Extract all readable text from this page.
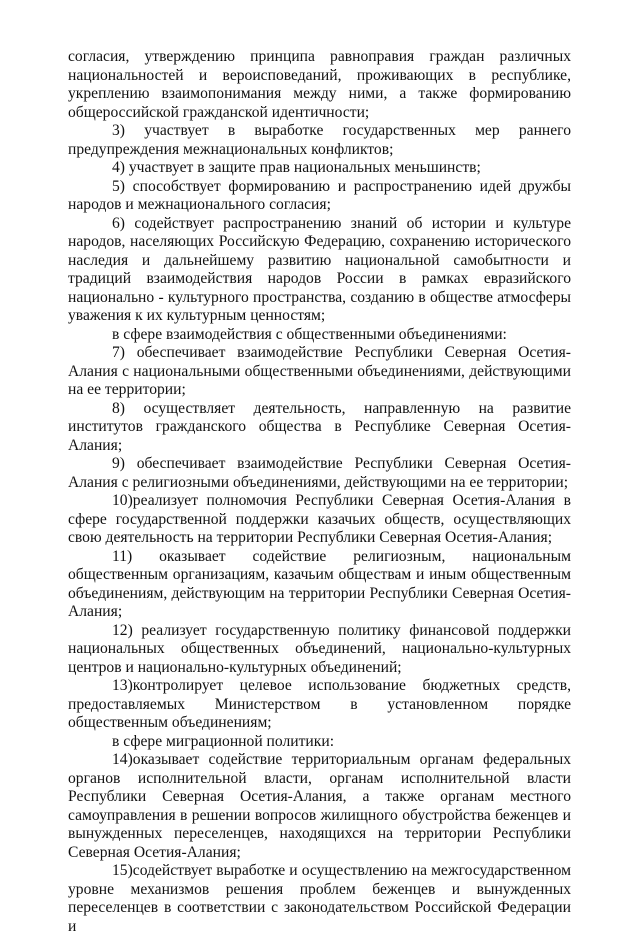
согласия, утверждению принципа равноправия граждан различных национальностей и вероисповеданий, проживающих в республике, укреплению взаимопонимания между ними, а также формированию общероссийской гражданской идентичности;

3) участвует в выработке государственных мер раннего предупреждения межнациональных конфликтов;

4) участвует в защите прав национальных меньшинств;

5) способствует формированию и распространению идей дружбы народов и межнационального согласия;

6) содействует распространению знаний об истории и культуре народов, населяющих Российскую Федерацию, сохранению исторического наследия и дальнейшему развитию национальной самобытности и традиций взаимодействия народов России в рамках евразийского национально - культурного пространства, созданию в обществе атмосферы уважения к их культурным ценностям;

в сфере взаимодействия с общественными объединениями:

7) обеспечивает взаимодействие Республики Северная Осетия-Алания с национальными общественными объединениями, действующими на ее территории;

8) осуществляет деятельность, направленную на развитие институтов гражданского общества в Республике Северная Осетия-Алания;

9) обеспечивает взаимодействие Республики Северная Осетия-Алания с религиозными объединениями, действующими на ее территории;

10)реализует полномочия Республики Северная Осетия-Алания в сфере государственной поддержки казачьих обществ, осуществляющих свою деятельность на территории Республики Северная Осетия-Алания;

11) оказывает содействие религиозным, национальным общественным организациям, казачьим обществам и иным общественным объединениям, действующим на территории Республики Северная Осетия-Алания;

12) реализует государственную политику финансовой поддержки национальных общественных объединений, национально-культурных центров и национально-культурных объединений;

13)контролирует целевое использование бюджетных средств, предоставляемых Министерством в установленном порядке общественным объединениям;

в сфере миграционной политики:

14)оказывает содействие территориальным органам федеральных органов исполнительной власти, органам исполнительной власти Республики Северная Осетия-Алания, а также органам местного самоуправления в решении вопросов жилищного обустройства беженцев и вынужденных переселенцев, находящихся на территории Республики Северная Осетия-Алания;

15)содействует выработке и осуществлению на межгосударственном уровне механизмов решения проблем беженцев и вынужденных переселенцев в соответствии с законодательством Российской Федерации и
